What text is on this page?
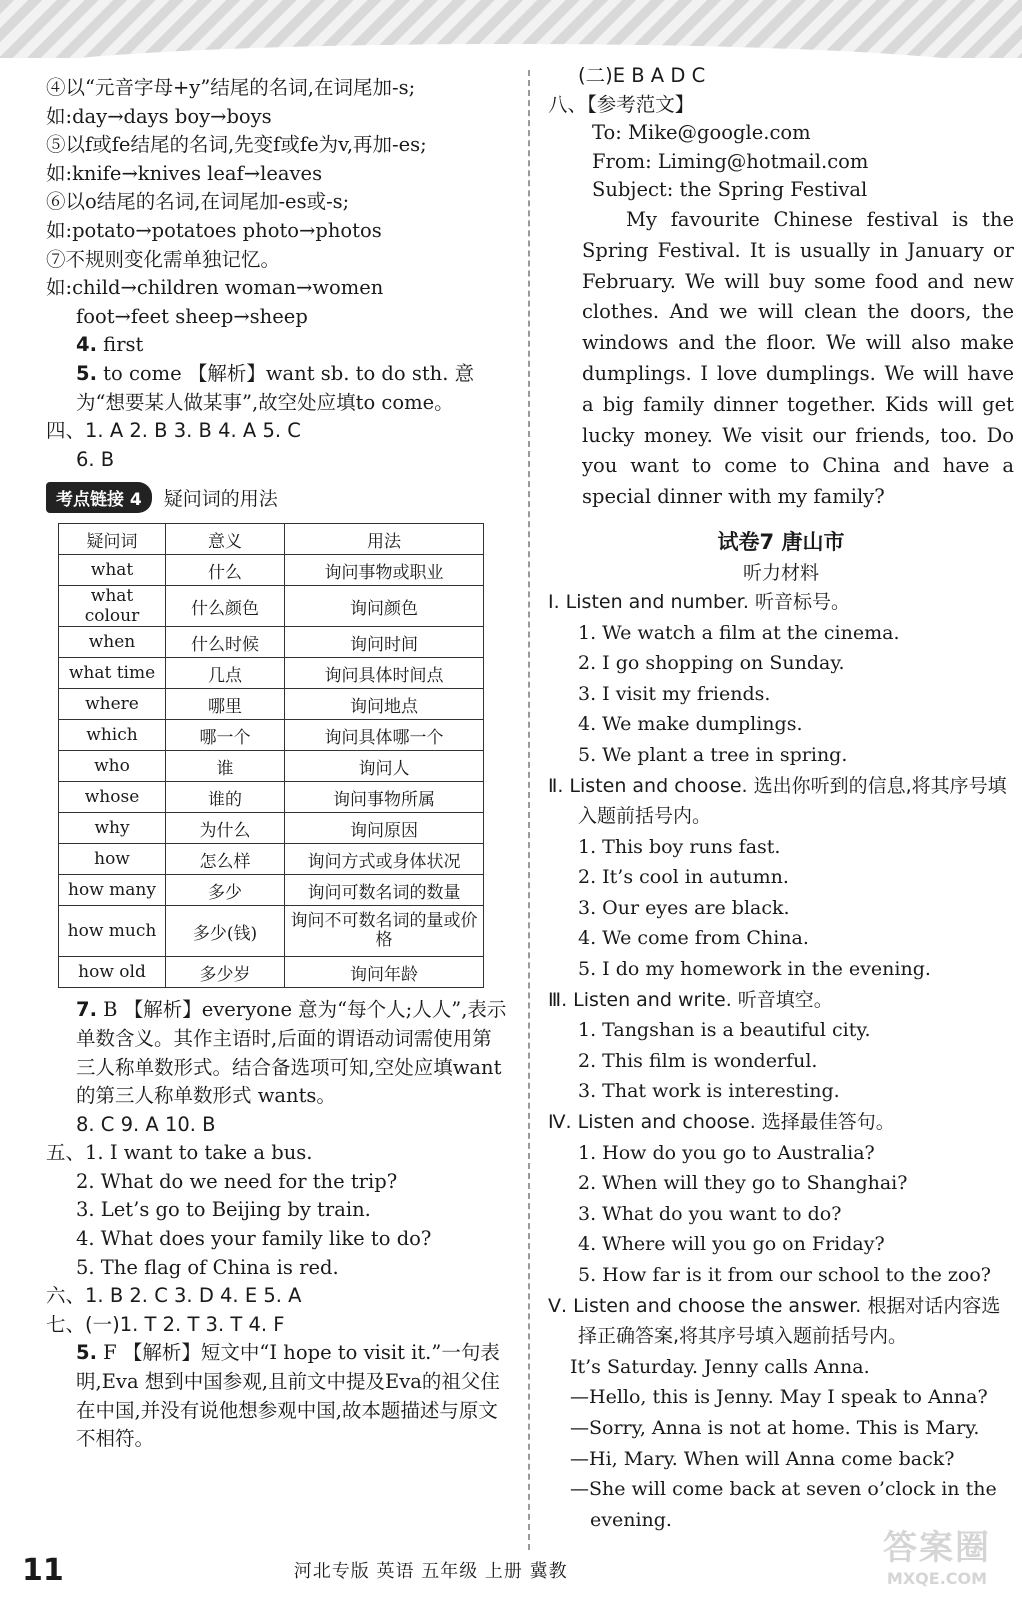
④以“元音字母+y”结尾的名词,在词尾加-s;
如:day→days boy→boys
⑤以f或fe结尾的名词,先变f或fe为v,再加-es;
如:knife→knives leaf→leaves
⑥以o结尾的名词,在词尾加-es或-s;
如:potato→potatoes photo→photos
⑦不规则变化需单独记忆。
如:child→children woman→women
foot→feet sheep→sheep
4. first
5. to come 【解析】want sb. to do sth. 意为“想要某人做某事”,故空处应填to come。
四、1. A 2. B 3. B 4. A 5. C
6. B
考点链接 4	疑问词的用法
疑问词	意义	用法
what	什么	询问事物或职业
what colour	什么颜色	询问颜色
when	什么时候	询问时间
what time	几点	询问具体时间点
where	哪里	询问地点
which	哪一个	询问具体哪一个
who	谁	询问人
whose	谁的	询问事物所属
why	为什么	询问原因
how	怎么样	询问方式或身体状况
how many	多少	询问可数名词的数量
how much	多少(钱)	询问不可数名词的量或价格
how old	多少岁	询问年龄
7. B 【解析】everyone 意为“每个人;人人”,表示单数含义。其作主语时,后面的谓语动词需使用第三人称单数形式。结合备选项可知,空处应填want的第三人称单数形式 wants。
8. C 9. A 10. B
五、1. I want to take a bus.
2. What do we need for the trip?
3. Let’s go to Beijing by train.
4. What does your family like to do?
5. The flag of China is red.
六、1. B 2. C 3. D 4. E 5. A
七、(一)1. T 2. T 3. T 4. F
5. F 【解析】短文中“I hope to visit it.”一句表明,Eva 想到中国参观,且前文中提及Eva的祖父住在中国,并没有说他想参观中国,故本题描述与原文不相符。
(二)E B A D C
八、【参考范文】
To: Mike@google.com
From: Liming@hotmail.com
Subject: the Spring Festival
My favourite Chinese festival is the Spring Festival. It is usually in January or February. We will buy some food and new clothes. And we will clean the doors, the windows and the floor. We will also make dumplings. I love dumplings. We will have a big family dinner together. Kids will get lucky money. We visit our friends, too. Do you want to come to China and have a special dinner with my family?
试卷7 唐山市
听力材料
Ⅰ. Listen and number. 听音标号。
1. We watch a film at the cinema.
2. I go shopping on Sunday.
3. I visit my friends.
4. We make dumplings.
5. We plant a tree in spring.
Ⅱ. Listen and choose. 选出你听到的信息,将其序号填入题前括号内。
1. This boy runs fast.
2. It’s cool in autumn.
3. Our eyes are black.
4. We come from China.
5. I do my homework in the evening.
Ⅲ. Listen and write. 听音填空。
1. Tangshan is a beautiful city.
2. This film is wonderful.
3. That work is interesting.
Ⅳ. Listen and choose. 选择最佳答句。
1. How do you go to Australia?
2. When will they go to Shanghai?
3. What do you want to do?
4. Where will you go on Friday?
5. How far is it from our school to the zoo?
Ⅴ. Listen and choose the answer. 根据对话内容选择正确答案,将其序号填入题前括号内。
It’s Saturday. Jenny calls Anna.
—Hello, this is Jenny. May I speak to Anna?
—Sorry, Anna is not at home. This is Mary.
—Hi, Mary. When will Anna come back?
—She will come back at seven o’clock in the
evening.
11	河北专版 英语 五年级 上册 冀教
答案圈
MXQE.COM
